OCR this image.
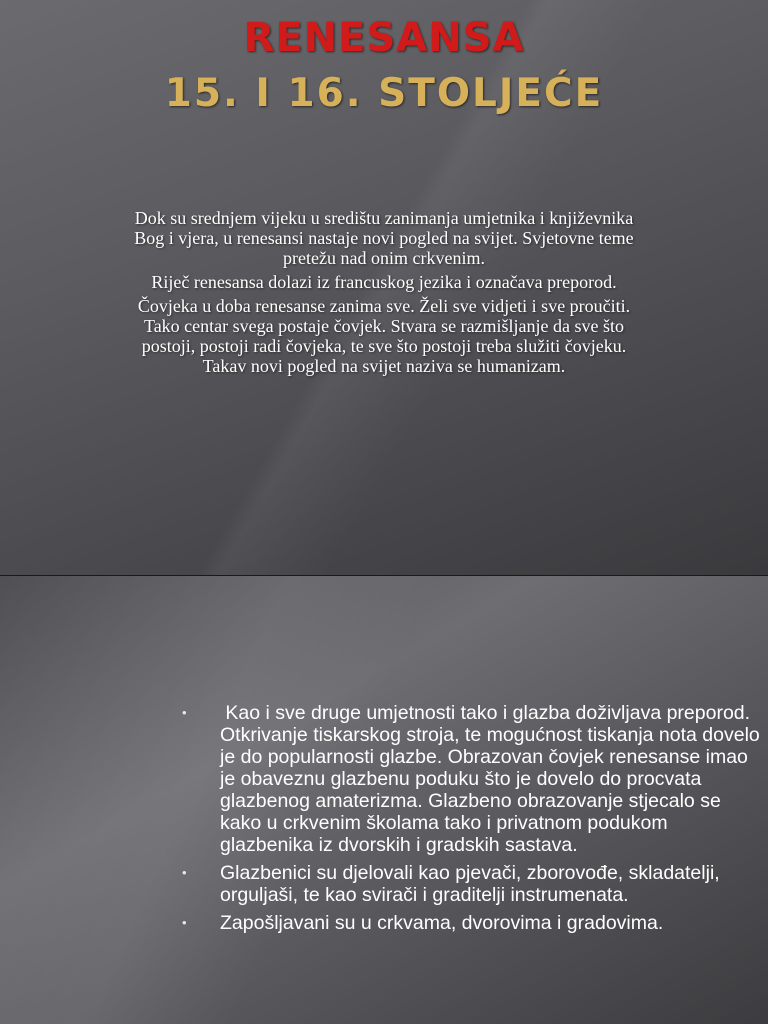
RENESANSA
15. I 16. STOLJEĆE

Dok su srednjem vijeku u središtu zanimanja umjetnika i književnika Bog i vjera, u renesansi nastaje novi pogled na svijet. Svjetovne teme pretežu nad onim crkvenim.

Riječ renesansa dolazi iz francuskog jezika i označava preporod.

Čovjeka u doba renesanse zanima sve. Želi sve vidjeti i sve proučiti. Tako centar svega postaje čovjek. Stvara se razmišljanje da sve što postoji, postoji radi čovjeka, te sve što postoji treba služiti čovjeku. Takav novi pogled na svijet naziva se humanizam.

• Kao i sve druge umjetnosti tako i glazba doživljava preporod. Otkrivanje tiskarskog stroja, te mogućnost tiskanja nota dovelo je do popularnosti glazbe. Obrazovan čovjek renesanse imao je obaveznu glazbenu poduku što je dovelo do procvata glazbenog amaterizma. Glazbeno obrazovanje stjecalo se kako u crkvenim školama tako i privatnom podukom glazbenika iz dvorskih i gradskih sastava.
• Glazbenici su djelovali kao pjevači, zborovođe, skladatelji, orguljaši, te kao svirači i graditelji instrumenata.
• Zapošljavani su u crkvama, dvorovima i gradovima.
